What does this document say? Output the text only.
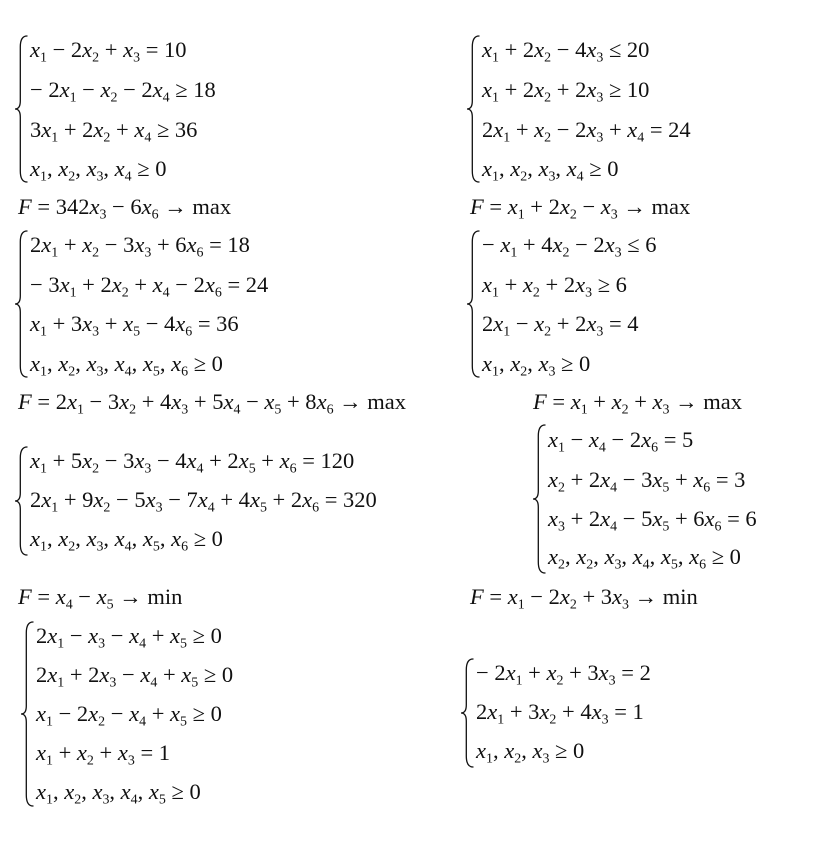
$x_1 - 2x_2 + x_3 = 10$
− $2x_1 - x_2 - 2x_4 \ge 18$
$3x_1 + 2x_2 + x_4 \ge 36$
$x_1$, $x_2$, $x_3$, $x_4 \ge 0$
$F = 342x_3 - 6x_6 \to \max$
$x_1 + 2x_2 - 4x_3 \le 20$
$x_1 + 2x_2 + 2x_3 \ge 10$
$2x_1 + x_2 - 2x_3 + x_4 = 24$
$x_1$, $x_2$, $x_3$, $x_4 \ge 0$
$F = x_1 + 2x_2 - x_3 \to \max$
$2x_1 + x_2 - 3x_3 + 6x_6 = 18$
− $3x_1 + 2x_2 + x_4 - 2x_6 = 24$
$x_1 + 3x_3 + x_5 - 4x_6 = 36$
$x_1$, $x_2$, $x_3$, $x_4$, $x_5$, $x_6 \ge 0$
$F = 2x_1 - 3x_2 + 4x_3 + 5x_4 - x_5 + 8x_6 \to \max$
− $x_1 + 4x_2 - 2x_3 \le 6$
$x_1 + x_2 + 2x_3 \ge 6$
$2x_1 - x_2 + 2x_3 = 4$
$x_1$, $x_2$, $x_3 \ge 0$
$F = x_1 + x_2 + x_3 \to \max$
$x_1 + 5x_2 - 3x_3 - 4x_4 + 2x_5 + x_6 = 120$
$2x_1 + 9x_2 - 5x_3 - 7x_4 + 4x_5 + 2x_6 = 320$
$x_1$, $x_2$, $x_3$, $x_4$, $x_5$, $x_6 \ge 0$
$F = x_4 - x_5 \to \min$
$x_1 - x_4 - 2x_6 = 5$
$x_2 + 2x_4 - 3x_5 + x_6 = 3$
$x_3 + 2x_4 - 5x_5 + 6x_6 = 6$
$x_2$, $x_2$, $x_3$, $x_4$, $x_5$, $x_6 \ge 0$
$F = x_1 - 2x_2 + 3x_3 \to \min$
$2x_1 - x_3 - x_4 + x_5 \ge 0$
$2x_1 + 2x_3 - x_4 + x_5 \ge 0$
$x_1 - 2x_2 - x_4 + x_5 \ge 0$
$x_1 + x_2 + x_3 = 1$
$x_1$, $x_2$, $x_3$, $x_4$, $x_5 \ge 0$
− $2x_1 + x_2 + 3x_3 = 2$
$2x_1 + 3x_2 + 4x_3 = 1$
$x_1$, $x_2$, $x_3 \ge 0$
